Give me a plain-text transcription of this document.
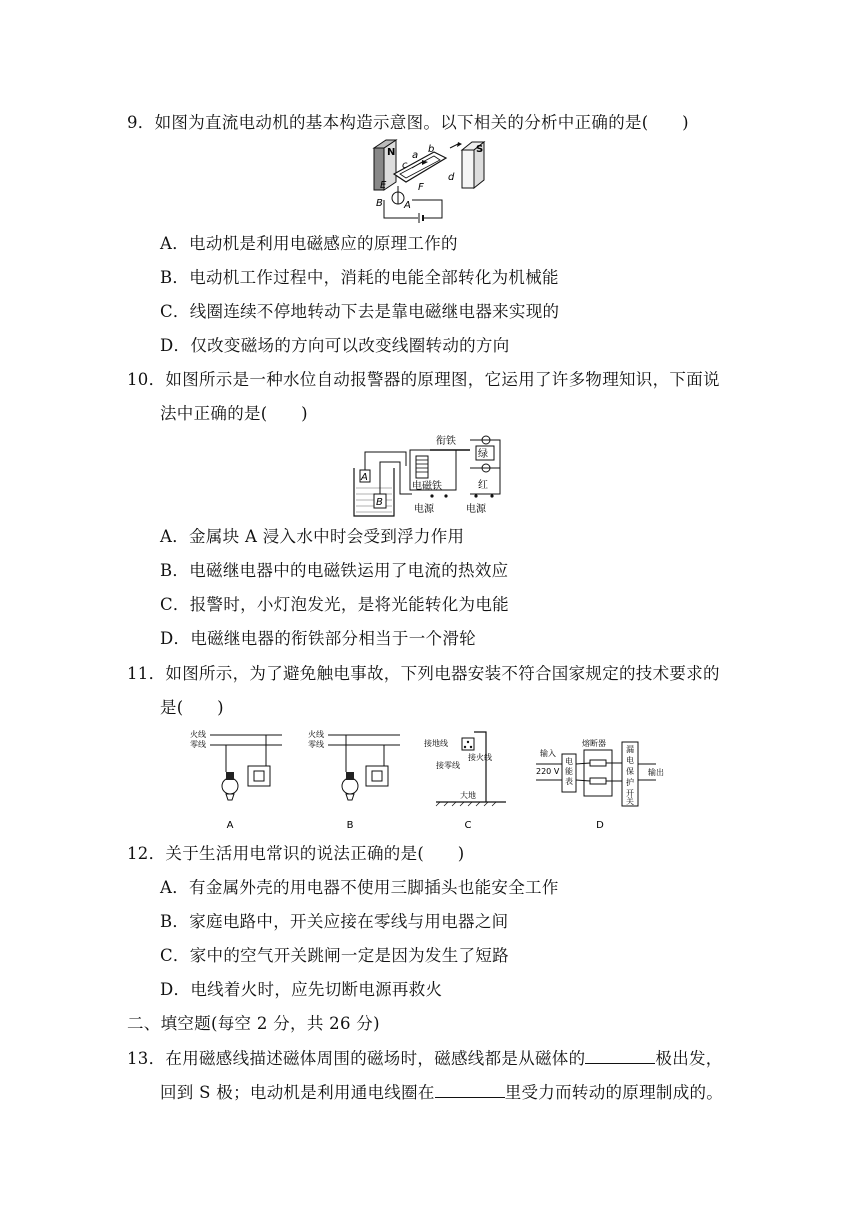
9．如图为直流电动机的基本构造示意图。以下相关的分析中正确的是(　　)
N	S
a
b
c
d
E	F
B A
A．电动机是利用电磁感应的原理工作的
B．电动机工作过程中，消耗的电能全部转化为机械能
C．线圈连续不停地转动下去是靠电磁继电器来实现的
D．仅改变磁场的方向可以改变线圈转动的方向
10．如图所示是一种水位自动报警器的原理图，它运用了许多物理知识，下面说
法中正确的是(　　)
A
B
电磁铁
衔铁
绿
红
电源	电源
A．金属块 A 浸入水中时会受到浮力作用
B．电磁继电器中的电磁铁运用了电流的热效应
C．报警时，小灯泡发光，是将光能转化为电能
D．电磁继电器的衔铁部分相当于一个滑轮
11．如图所示，为了避免触电事故，下列电器安装不符合国家规定的技术要求的
是(　　)
火线
零线
A
火线
零线
B
接地线
接零线
接火线
大地
C
输入
220 V
电
能
表
熔断器
漏
电
保
护
开
关
输出
D
12．关于生活用电常识的说法正确的是(　　)
A．有金属外壳的用电器不使用三脚插头也能安全工作
B．家庭电路中，开关应接在零线与用电器之间
C．家中的空气开关跳闸一定是因为发生了短路
D．电线着火时，应先切断电源再救火
二、填空题(每空 2 分，共 26 分)
13．在用磁感线描述磁体周围的磁场时，磁感线都是从磁体的	极出发，
回到 S 极；电动机是利用通电线圈在	里受力而转动的原理制成的。
